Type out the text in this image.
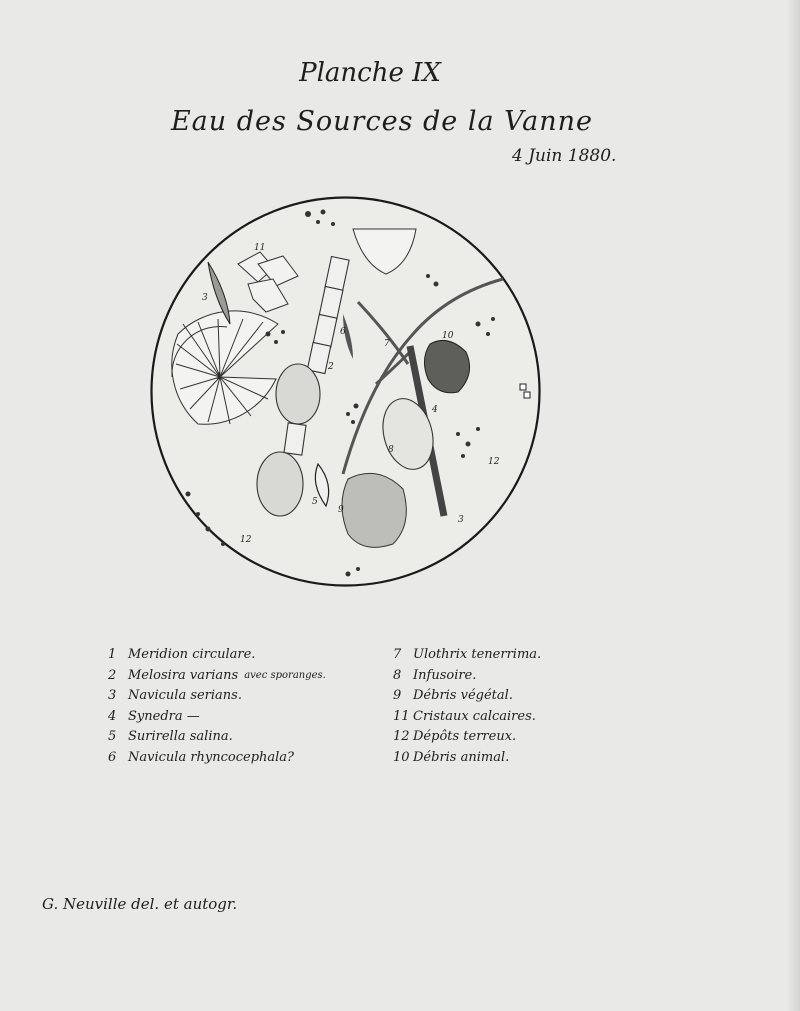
Planche IX
Eau des Sources de la Vanne
4 Juin 1880.
1
2
3
4
5
6
7
8
9
10
11
12
12
3
1 Meridion circulare.
2 Melosira varians avec sporanges.
3 Navicula serians.
4 Synedra —
5 Surirella salina.
6 Navicula rhyncocephala?
7 Ulothrix tenerrima.
8 Infusoire.
9 Débris végétal.
11 Cristaux calcaires.
12 Dépôts terreux.
10 Débris animal.
G. Neuville del. et autogr.
